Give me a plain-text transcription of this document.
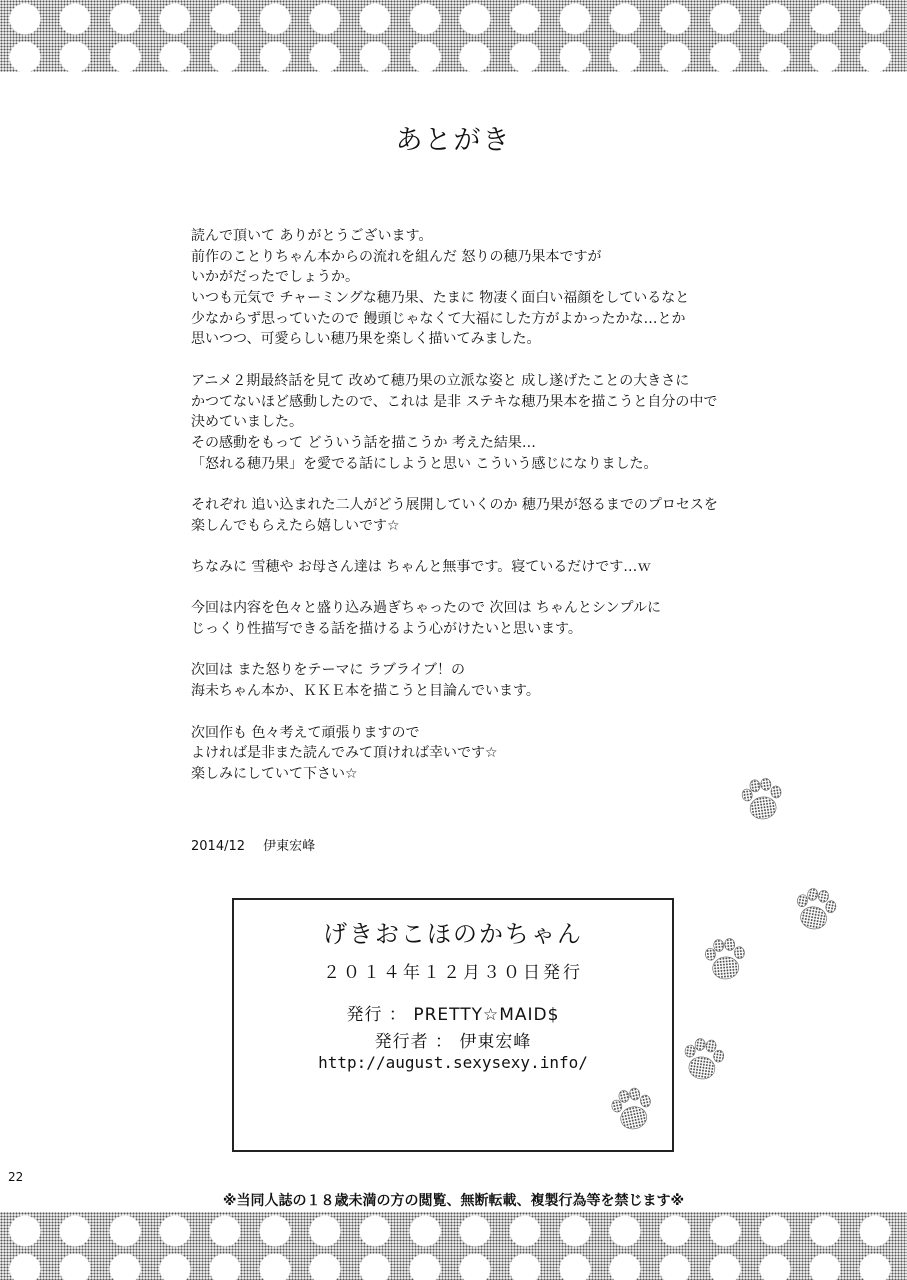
あとがき
読んで頂いて ありがとうございます。
前作のことりちゃん本からの流れを組んだ 怒りの穂乃果本ですが
いかがだったでしょうか。
いつも元気で チャーミングな穂乃果、たまに 物凄く面白い福顔をしているなと
少なからず思っていたので 饅頭じゃなくて大福にした方がよかったかな…とか
思いつつ、可愛らしい穂乃果を楽しく描いてみました。
アニメ２期最終話を見て 改めて穂乃果の立派な姿と 成し遂げたことの大きさに
かつてないほど感動したので、これは 是非 ステキな穂乃果本を描こうと自分の中で
決めていました。
その感動をもって どういう話を描こうか 考えた結果…
「怒れる穂乃果」を愛でる話にしようと思い こういう感じになりました。
それぞれ 追い込まれた二人がどう展開していくのか 穂乃果が怒るまでのプロセスを
楽しんでもらえたら嬉しいです☆
ちなみに 雪穂や お母さん達は ちゃんと無事です。寝ているだけです…ｗ
今回は内容を色々と盛り込み過ぎちゃったので 次回は ちゃんとシンプルに
じっくり性描写できる話を描けるよう心がけたいと思います。
次回は また怒りをテーマに ラブライブ！の
海未ちゃん本か、ＫＫＥ本を描こうと目論んでいます。
次回作も 色々考えて頑張りますので
よければ是非また読んでみて頂ければ幸いです☆
楽しみにしていて下さい☆
2014/12 伊東宏峰
げきおこほのかちゃん
２０１４年１２月３０日発行
発行 ： PRETTY☆MAID$
発行者 ： 伊東宏峰
http://august.sexysexy.info/
22
※当同人誌の１８歳未満の方の閲覧、無断転載、複製行為等を禁じます※
